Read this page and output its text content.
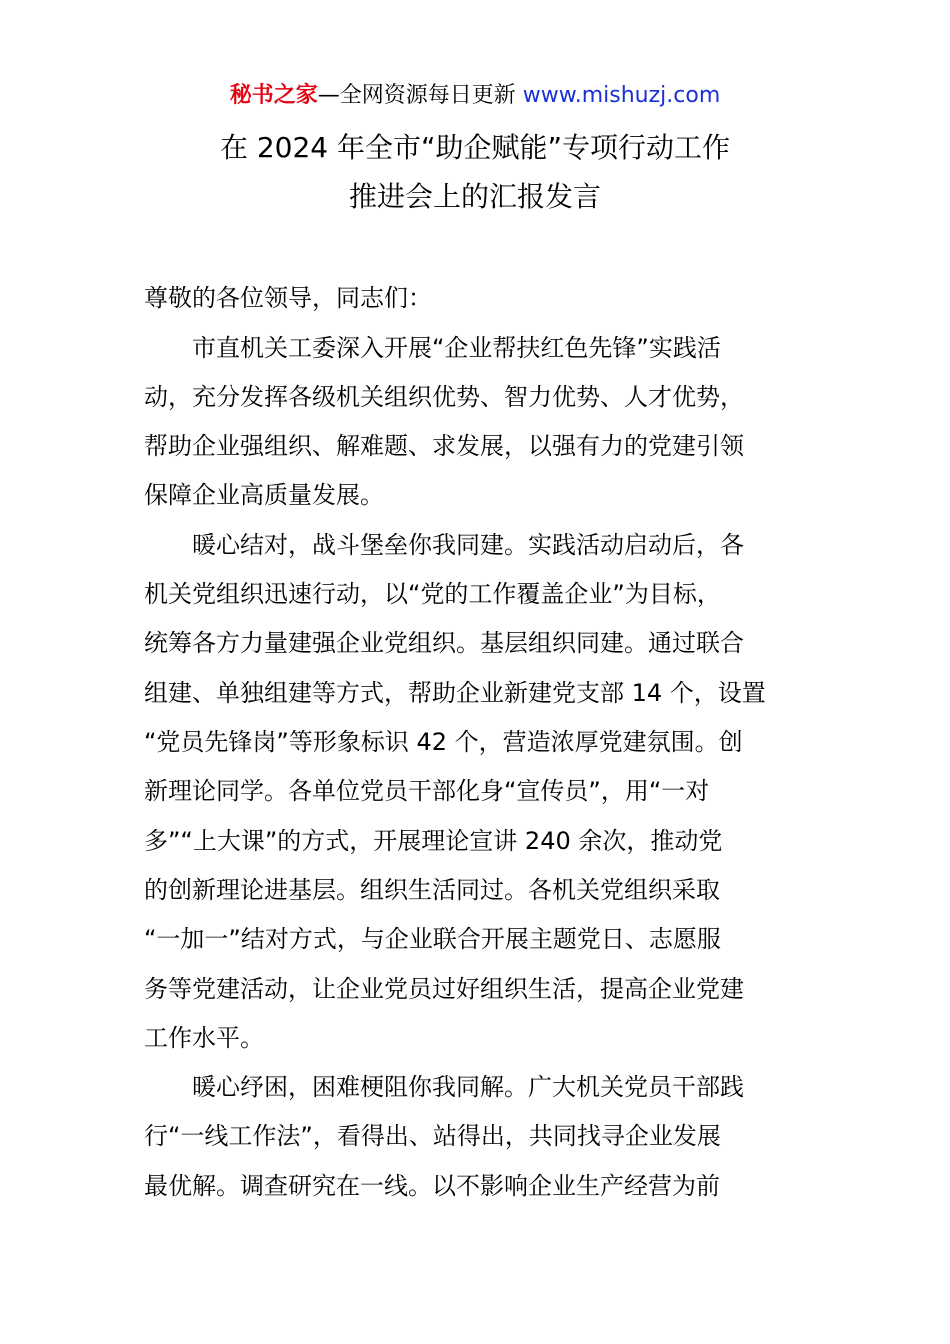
秘书之家—全网资源每日更新 www.mishuzj.com
在 2024 年全市“助企赋能”专项行动工作
推进会上的汇报发言
尊敬的各位领导，同志们：
　　市直机关工委深入开展“企业帮扶红色先锋”实践活
动，充分发挥各级机关组织优势、智力优势、人才优势，
帮助企业强组织、解难题、求发展，以强有力的党建引领
保障企业高质量发展。
　　暖心结对，战斗堡垒你我同建。实践活动启动后，各
机关党组织迅速行动，以“党的工作覆盖企业”为目标，
统筹各方力量建强企业党组织。基层组织同建。通过联合
组建、单独组建等方式，帮助企业新建党支部 14 个，设置
“党员先锋岗”等形象标识 42 个，营造浓厚党建氛围。创
新理论同学。各单位党员干部化身“宣传员”，用“一对
多”“上大课”的方式，开展理论宣讲 240 余次，推动党
的创新理论进基层。组织生活同过。各机关党组织采取
“一加一”结对方式，与企业联合开展主题党日、志愿服
务等党建活动，让企业党员过好组织生活，提高企业党建
工作水平。
　　暖心纾困，困难梗阻你我同解。广大机关党员干部践
行“一线工作法”，看得出、站得出，共同找寻企业发展
最优解。调查研究在一线。以不影响企业生产经营为前
